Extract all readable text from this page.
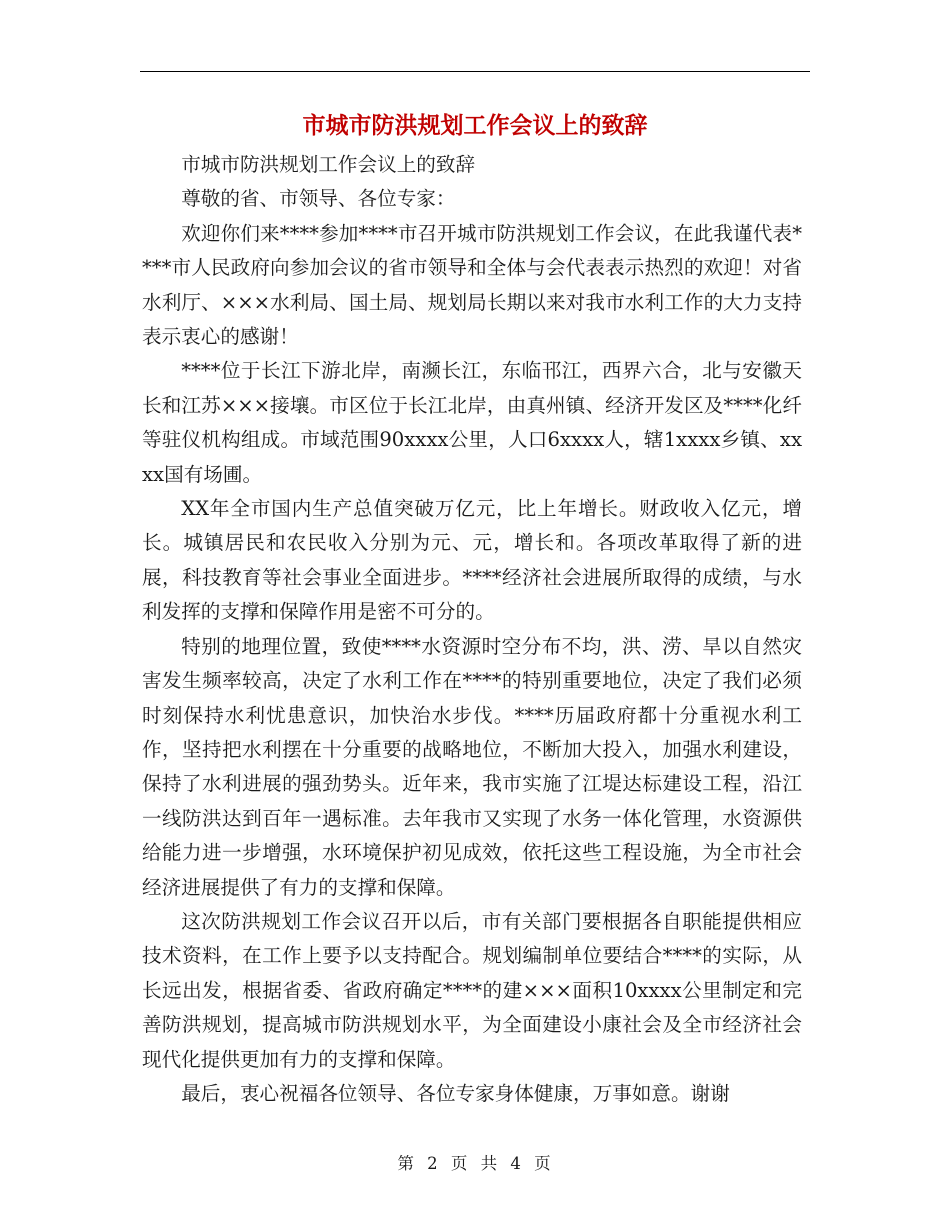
市城市防洪规划工作会议上的致辞

市城市防洪规划工作会议上的致辞

尊敬的省、市领导、各位专家：

欢迎你们来****参加****市召开城市防洪规划工作会议，在此我谨代表****市人民政府向参加会议的省市领导和全体与会代表表示热烈的欢迎！对省水利厅、×××水利局、国土局、规划局长期以来对我市水利工作的大力支持表示衷心的感谢！

****位于长江下游北岸，南濒长江，东临邗江，西界六合，北与安徽天长和江苏×××接壤。市区位于长江北岸，由真州镇、经济开发区及****化纤等驻仪机构组成。市域范围90xxxx公里，人口6xxxx人，辖1xxxx乡镇、xxxx国有场圃。

XX年全市国内生产总值突破万亿元，比上年增长。财政收入亿元，增长。城镇居民和农民收入分别为元、元，增长和。各项改革取得了新的进展，科技教育等社会事业全面进步。****经济社会进展所取得的成绩，与水利发挥的支撑和保障作用是密不可分的。

特别的地理位置，致使****水资源时空分布不均，洪、涝、旱以自然灾害发生频率较高，决定了水利工作在****的特别重要地位，决定了我们必须时刻保持水利忧患意识，加快治水步伐。****历届政府都十分重视水利工作，坚持把水利摆在十分重要的战略地位，不断加大投入，加强水利建设，保持了水利进展的强劲势头。近年来，我市实施了江堤达标建设工程，沿江一线防洪达到百年一遇标准。去年我市又实现了水务一体化管理，水资源供给能力进一步增强，水环境保护初见成效，依托这些工程设施，为全市社会经济进展提供了有力的支撑和保障。

这次防洪规划工作会议召开以后，市有关部门要根据各自职能提供相应技术资料，在工作上要予以支持配合。规划编制单位要结合****的实际，从长远出发，根据省委、省政府确定****的建×××面积10xxxx公里制定和完善防洪规划，提高城市防洪规划水平，为全面建设小康社会及全市经济社会现代化提供更加有力的支撑和保障。

最后，衷心祝福各位领导、各位专家身体健康，万事如意。谢谢

第 2 页 共 4 页
